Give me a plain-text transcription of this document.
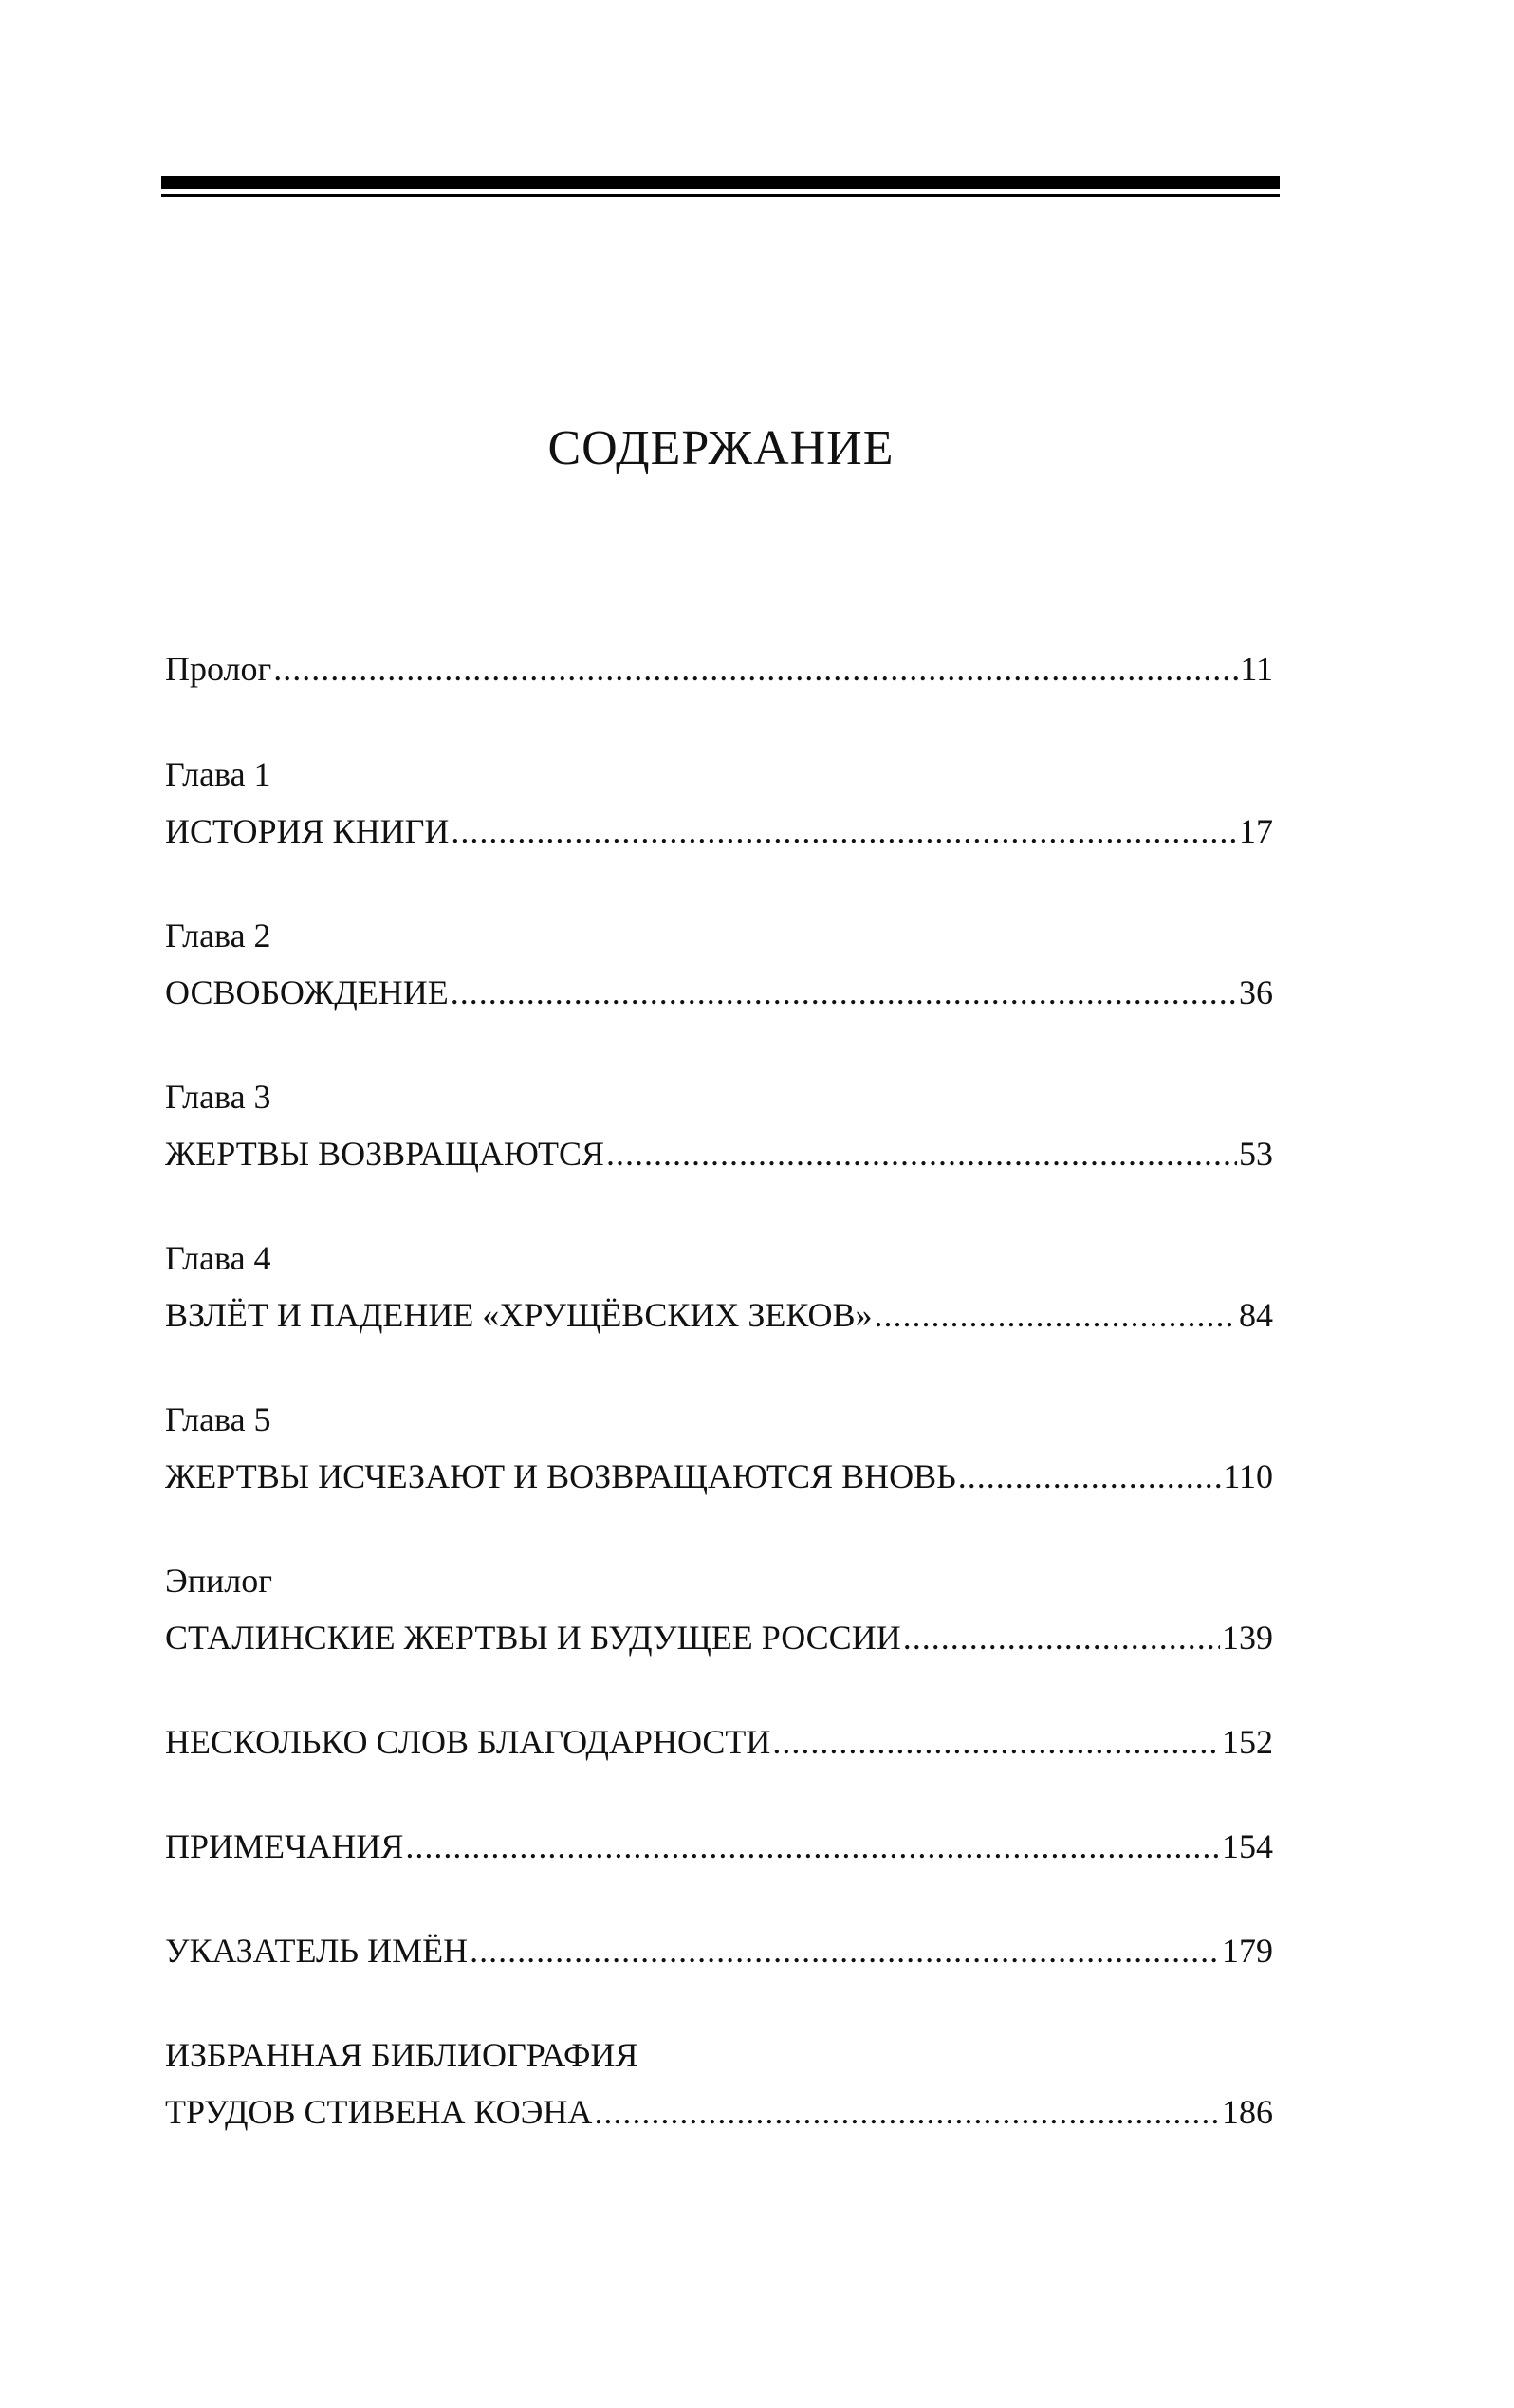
СОДЕРЖАНИЕ
Пролог .....	11
Глава 1
ИСТОРИЯ КНИГИ .....	17
Глава 2
ОСВОБОЖДЕНИЕ .....	36
Глава 3
ЖЕРТВЫ ВОЗВРАЩАЮТСЯ .....	53
Глава 4
ВЗЛЁТ И ПАДЕНИЕ «ХРУЩЁВСКИХ ЗЕКОВ» .....	84
Глава 5
ЖЕРТВЫ ИСЧЕЗАЮТ И ВОЗВРАЩАЮТСЯ ВНОВЬ .....	110
Эпилог
СТАЛИНСКИЕ ЖЕРТВЫ И БУДУЩЕЕ РОССИИ .....	139
НЕСКОЛЬКО СЛОВ БЛАГОДАРНОСТИ .....	152
ПРИМЕЧАНИЯ .....	154
УКАЗАТЕЛЬ ИМЁН .....	179
ИЗБРАННАЯ БИБЛИОГРАФИЯ
ТРУДОВ СТИВЕНА КОЭНА .....	186
